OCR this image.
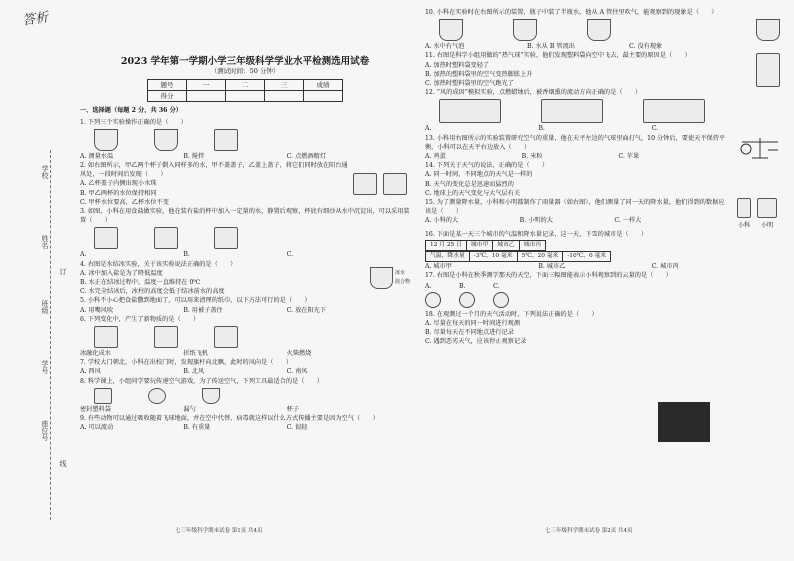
答析
学校
姓名
班级
学号
订
线
座位号
2023 学年第一学期小学三年级科学学业水平检测选用试卷
（测试时间：50 分钟）
题号	一	二	三	成绩
得分				
一、选择题（每题 2 分，共 36 分）

1. 下列三个实验操作正确的是（　　）

A. 测量水温	B. 搅拌	C. 点燃酒精灯

2. 如右图所示，甲乙两个杯子倒入同样多的水，甲不盖盖子，乙盖上盖子，将它们同时放在阳台通风处，一段时间后发现（　　）

A. 乙杯盖子内侧出现小水珠
B. 甲乙两杯的水位保持相同
C. 甲杯水位要高，乙杯水位不变

3. 如图，小科在用食盐做实验，他在装有盐的杯中加入一定量的水，静置后观察，杯底有细沙从水中沉淀出，可以采用装置（　　）

A.	B.	C.

4. 右图是水结冰实验，关于该实验说法正确的是（　　）

A. 冰中加入盐是为了降低温度
B. 水正在结冰过程中，温度一直维持在 0℃
C. 水完全结冰后，冰柱的高度会低于结冰前水的高度
冰水
混合物

5. 小科不小心把食盐撒到地面了，可以用来清理的纸巾，以下方法可行的是（　　）

A. 用嘴风吹	B. 用被子盖住	C. 放在阳光下

6. 下列变化中，产生了新物质的是（　　）

冰融化成水	折纸飞机	火柴燃烧

7. 学校大门朝北，小科在出校门时，发现旗杆向北飘，此时的风向是（　　）

A. 西风	B. 北风	C. 南风

8. 科学课上，小组同学要玩传递空气游戏，为了传送空气，下列工具最适合的是（　　）

密封塑料袋	漏勺	杯子

9. 有些动物可以通过吸收随着飞球地面，并在空中代替，病毒就这样以什么方式传播主要是因为空气（　　）

A. 可以流动	B. 有重量	C. 很轻
七三年级科学期末试卷 第1页 共4页

10. 小科在实验时在右图所示的装置，瓶子中装了半瓶水，他从 A 管往里吹气，能观察到的现象是（　　）

A. 水中有气泡	B. 水从 B 管流出	C. 没有现象

11. 右图是科学小组用做的“热气球”实验，他们发现塑料袋向空中飞去，最主要的原因是（　　）

A. 加热时塑料袋变轻了
B. 加热的塑料袋里的空气变热膨胀上升
C. 加热时塑料袋里的空气跑光了

12. “风的成因”模拟实验，点燃蜡烛后，被香烟熏的流动方向正确的是（　　）

A.	B.	C.

13. 小科用右图所示的实验装置研究空气的重量，他在天平左边的气球里面打气，10 分钟后，要使天平保持平衡，小科可以在天平右边放入（　　）

A. 鸡蛋	B. 米粒	C. 苹果

14. 下列关于天气的说法，正确的是（　　）

A. 同一时间，不同地点的天气是一样的
B. 天气的变化总是迅速而猛烈的
C. 地球上的天气变化与大气层有关

15. 为了测量降水量，小科和小明都制作了雨量器（如右图），他们测量了同一天的降水量，他们得到的数据应该是（　　）

A. 小科的大	B. 小明的大	C. 一样大
小科	小明

16. 下面是某一天三个城市的气温和降水量记录，这一天，下雪的城市是（　　）

12 月 25 日	城市甲	城市乙	城市丙

气温、降水量	-3℃、10 毫米	5℃、20 毫米	-10℃、0 毫米
A. 城市甲	B. 城市乙	C. 城市丙

17. 右图是小科在秋季测学那天的天空，下面三幅图能表示小科观察到的云量的是（　　）

A.	B.	C.

18. 在观测过一个月的天气活动时，下列说法正确的是（　　）

A. 尽量在每天的同一时间进行观测
B. 尽量每天在不同地点进行记录
C. 遇到恶劣天气，应该停止观察记录
七三年级科学期末试卷 第2页 共4页
